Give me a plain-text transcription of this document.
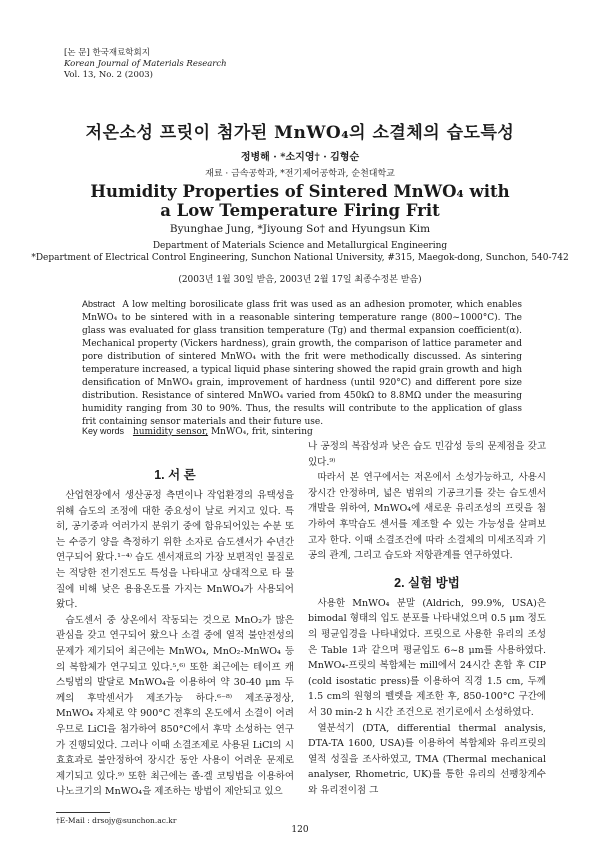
[논 문] 한국재료학회지
Korean Journal of Materials Research
Vol. 13, No. 2 (2003)
저온소성 프릿이 첨가된 MnWO₄의 소결체의 습도특성
정병해 · *소지영† · 김형순
재료 · 금속공학과, *전기제어공학과, 순천대학교
Humidity Properties of Sintered MnWO₄ with
a Low Temperature Firing Frit
Byunghae Jung, *Jiyoung So† and Hyungsun Kim
Department of Materials Science and Metallurgical Engineering
*Department of Electrical Control Engineering, Sunchon National University, #315, Maegok-dong, Sunchon, 540-742
(2003년 1월 30일 받음, 2003년 2월 17일 최종수정본 받음)
Abstract A low melting borosilicate glass frit was used as an adhesion promoter, which enables MnWO₄ to be sintered with in a reasonable sintering temperature range (800~1000°C). The glass was evaluated for glass transition temperature (Tg) and thermal expansion coefficient(α). Mechanical property (Vickers hardness), grain growth, the comparison of lattice parameter and pore distribution of sintered MnWO₄ with the frit were methodically discussed. As sintering temperature increased, a typical liquid phase sintering showed the rapid grain growth and high densification of MnWO₄ grain, improvement of hardness (until 920°C) and different pore size distribution. Resistance of sintered MnWO₄ varied from 450kΩ to 8.8MΩ under the measuring humidity ranging from 30 to 90%. Thus, the results will contribute to the application of glass frit containing sensor materials and their future use.
Key words humidity sensor, MnWO₄, frit, sintering
1. 서 론

산업현장에서 생산공정 측면이나 작업환경의 유택성을 위해 습도의 조정에 대한 중요성이 날로 커지고 있다. 특히, 공기중과 여러가지 분위기 중에 함유되어있는 수분 또는 수증기 양을 측정하기 위한 소자로 습도센서가 수년간 연구되어 왔다.¹⁻⁴⁾ 습도 센서재료의 가장 보편적인 물질로는 적당한 전기전도도 특성을 나타내고 상대적으로 타 물질에 비해 낮은 용융온도를 가지는 MnWO₄가 사용되어 왔다.

습도센서 중 상온에서 작동되는 것으로 MnO₂가 많은 관심을 갖고 연구되어 왔으나 소결 중에 열적 불안전성의 문제가 제기되어 최근에는 MnWO₄, MnO₂-MnWO₄ 등의 복합체가 연구되고 있다.⁵,⁶⁾ 또한 최근에는 테이프 캐스팅법의 발달로 MnWO₄을 이용하여 약 30-40 μm 두께의 후막센서가 제조가능 하다.⁶⁻⁸⁾ 제조공정상, MnWO₄ 자체로 약 900°C 전후의 온도에서 소결이 어려우므로 LiCl을 첨가하여 850°C에서 후막 소성하는 연구가 진행되었다. 그러나 이때 소결조제로 사용된 LiCl의 시효효과로 불안정하여 장시간 동안 사용이 어려운 문제로 제기되고 있다.⁹⁾ 또한 최근에는 졸-겔 코팅법을 이용하여 나노크기의 MnWO₄을 제조하는 방법이 제안되고 있으

나 공정의 복잡성과 낮은 습도 민감성 등의 문제점을 갖고 있다.⁹⁾

따라서 본 연구에서는 저온에서 소성가능하고, 사용시 장시간 안정하며, 넓은 범위의 기공크기를 갖는 습도센서 개발을 위하여, MnWO₄에 새로운 유리조성의 프릿을 첨가하여 후막습도 센서를 제조할 수 있는 가능성을 살펴보고자 한다. 이때 소결조건에 따라 소결체의 미세조직과 기공의 관계, 그리고 습도와 저항관계를 연구하였다.

2. 실험 방법

사용한 MnWO₄ 분말 (Aldrich, 99.9%, USA)은 bimodal 형태의 입도 분포를 나타내었으며 0.5 μm 정도의 평균입경을 나타내었다. 프릿으로 사용한 유리의 조성은 Table 1과 같으며 평균입도 6~8 μm를 사용하였다. MnWO₄-프릿의 복합체는 mill에서 24시간 혼합 후 CIP (cold isostatic press)를 이용하여 직경 1.5 cm, 두께 1.5 cm의 원형의 펠렛을 제조한 후, 850-100°C 구간에서 30 min-2 h 시간 조건으로 전기로에서 소성하였다.

열분석기 (DTA, differential thermal analysis, DTA-TA 1600, USA)를 이용하여 복합체와 유리프릿의 열적 성질을 조사하였고, TMA (Thermal mechanical analyser, Rhometric, UK)를 통한 유리의 선팽창계수와 유리전이점 그

†E-Mail : drsojy@sunchon.ac.kr
120
